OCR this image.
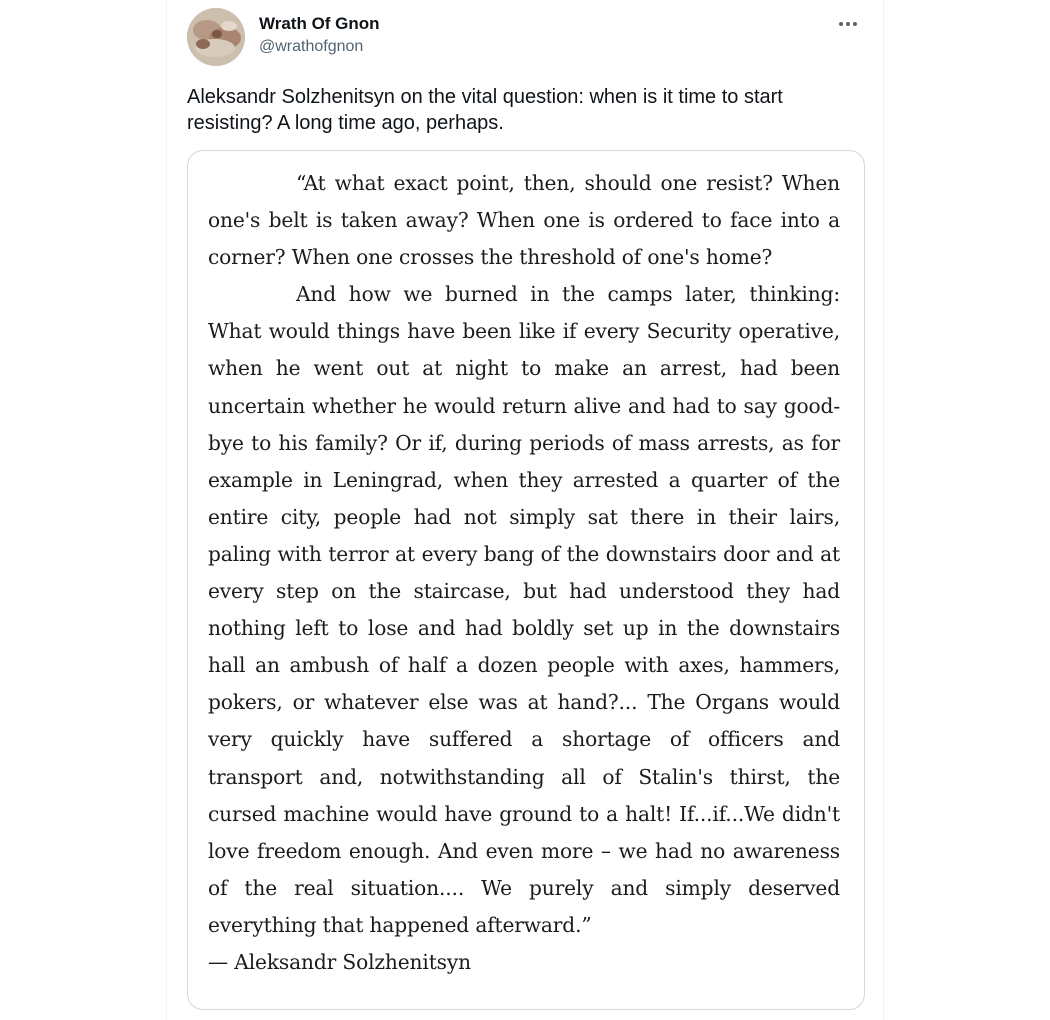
Wrath Of Gnon
@wrathofgnon
Aleksandr Solzhenitsyn on the vital question: when is it time to start resisting? A long time ago, perhaps.

“At what exact point, then, should one resist? When one's belt is taken away? When one is ordered to face into a corner? When one crosses the threshold of one's home?

And how we burned in the camps later, thinking: What would things have been like if every Security operative, when he went out at night to make an arrest, had been uncertain whether he would return alive and had to say good-bye to his family? Or if, during periods of mass arrests, as for example in Leningrad, when they arrested a quarter of the entire city, people had not simply sat there in their lairs, paling with terror at every bang of the downstairs door and at every step on the staircase, but had understood they had nothing left to lose and had boldly set up in the downstairs hall an ambush of half a dozen people with axes, hammers, pokers, or whatever else was at hand?... The Organs would very quickly have suffered a shortage of officers and transport and, notwithstanding all of Stalin's thirst, the cursed machine would have ground to a halt! If...if...We didn't love freedom enough. And even more – we had no awareness of the real situation.... We purely and simply deserved everything that happened afterward.”

— Aleksandr Solzhenitsyn
